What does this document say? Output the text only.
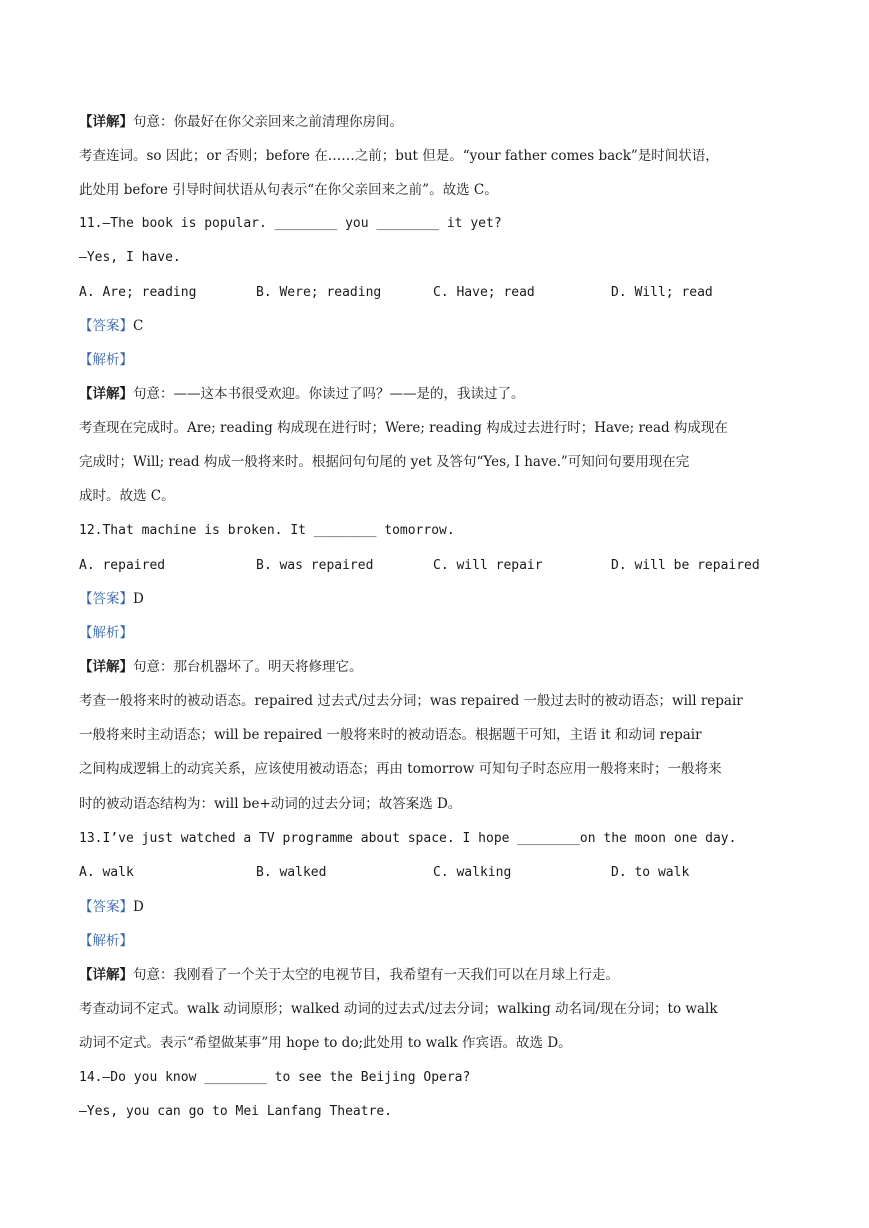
【详解】句意：你最好在你父亲回来之前清理你房间。
考查连词。so 因此；or 否则；before 在……之前；but 但是。“your father comes back”是时间状语，
此处用 before 引导时间状语从句表示“在你父亲回来之前”。故选 C。
11.—The book is popular. ________ you ________ it yet?
—Yes, I have.
A. Are; reading	B. Were; reading	C. Have; read	D. Will; read
【答案】C
【解析】
【详解】句意：——这本书很受欢迎。你读过了吗？——是的，我读过了。
考查现在完成时。Are; reading 构成现在进行时；Were; reading 构成过去进行时；Have; read 构成现在
完成时；Will; read 构成一般将来时。根据问句句尾的 yet 及答句“Yes, I have.”可知问句要用现在完
成时。故选 C。
12.That machine is broken. It ________ tomorrow.
A. repaired	B. was repaired	C. will repair	D. will be repaired
【答案】D
【解析】
【详解】句意：那台机器坏了。明天将修理它。
考查一般将来时的被动语态。repaired 过去式/过去分词；was repaired 一般过去时的被动语态；will repair
一般将来时主动语态；will be repaired 一般将来时的被动语态。根据题干可知，主语 it 和动词 repair
之间构成逻辑上的动宾关系，应该使用被动语态；再由 tomorrow 可知句子时态应用一般将来时；一般将来
时的被动语态结构为：will be+动词的过去分词；故答案选 D。
13.I’ve just watched a TV programme about space. I hope ________on the moon one day.
A. walk	B. walked	C. walking	D. to walk
【答案】D
【解析】
【详解】句意：我刚看了一个关于太空的电视节目，我希望有一天我们可以在月球上行走。
考查动词不定式。walk 动词原形；walked 动词的过去式/过去分词；walking 动名词/现在分词；to walk
动词不定式。表示“希望做某事”用 hope to do;此处用 to walk 作宾语。故选 D。
14.—Do you know ________ to see the Beijing Opera?
—Yes, you can go to Mei Lanfang Theatre.
